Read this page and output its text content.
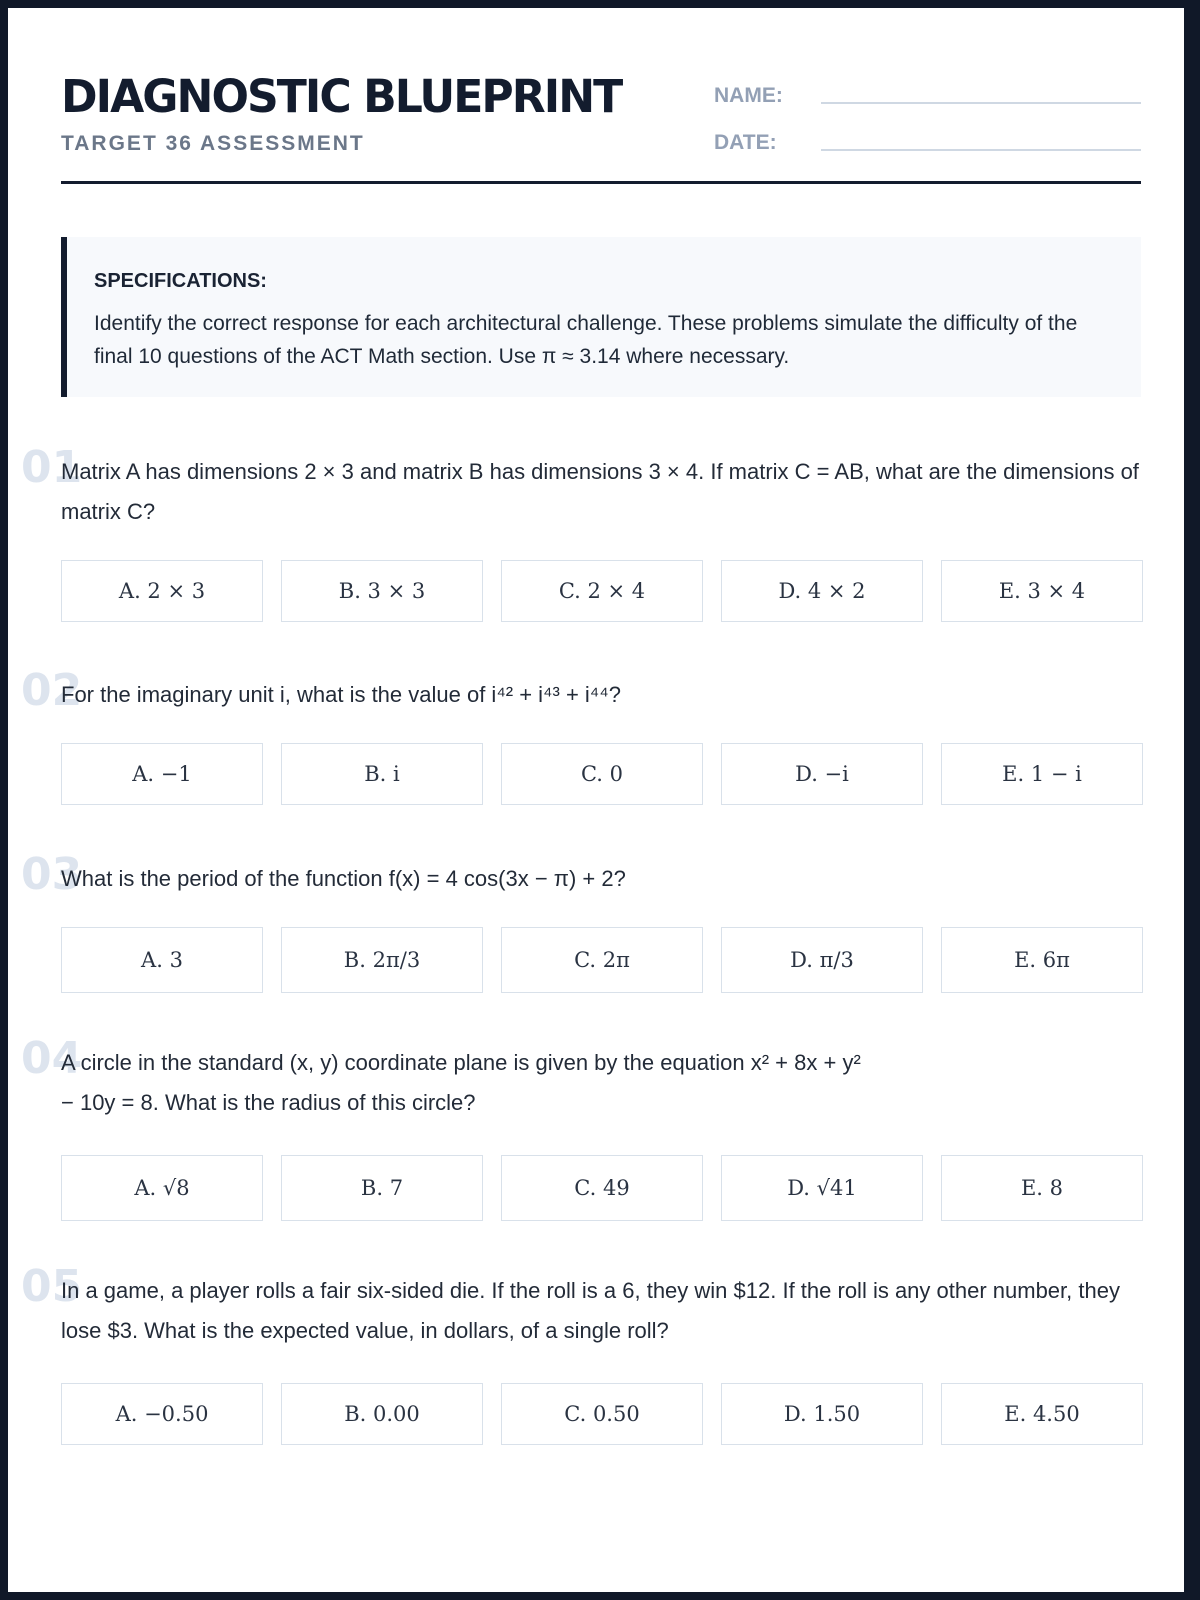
DIAGNOSTIC BLUEPRINT
TARGET 36 ASSESSMENT
NAME:
DATE:
SPECIFICATIONS:
Identify the correct response for each architectural challenge. These problems simulate the difficulty of the final 10 questions of the ACT Math section. Use π ≈ 3.14 where necessary.
01
Matrix A has dimensions 2 × 3 and matrix B has dimensions 3 × 4. If matrix C = AB, what are the dimensions of matrix C?
A. 2 × 3	B. 3 × 3	C. 2 × 4	D. 4 × 2	E. 3 × 4
02
For the imaginary unit i, what is the value of i⁴² + i⁴³ + i⁴⁴?
A. −1	B. i	C. 0	D. −i	E. 1 − i
03
What is the period of the function f(x) = 4 cos(3x − π) + 2?
A. 3	B. 2π/3	C. 2π	D. π/3	E. 6π
04
A circle in the standard (x, y) coordinate plane is given by the equation x² + 8x + y² − 10y = 8. What is the radius of this circle?
A. √8	B. 7	C. 49	D. √41	E. 8
05
In a game, a player rolls a fair six-sided die. If the roll is a 6, they win $12. If the roll is any other number, they lose $3. What is the expected value, in dollars, of a single roll?
A. −0.50	B. 0.00	C. 0.50	D. 1.50	E. 4.50
